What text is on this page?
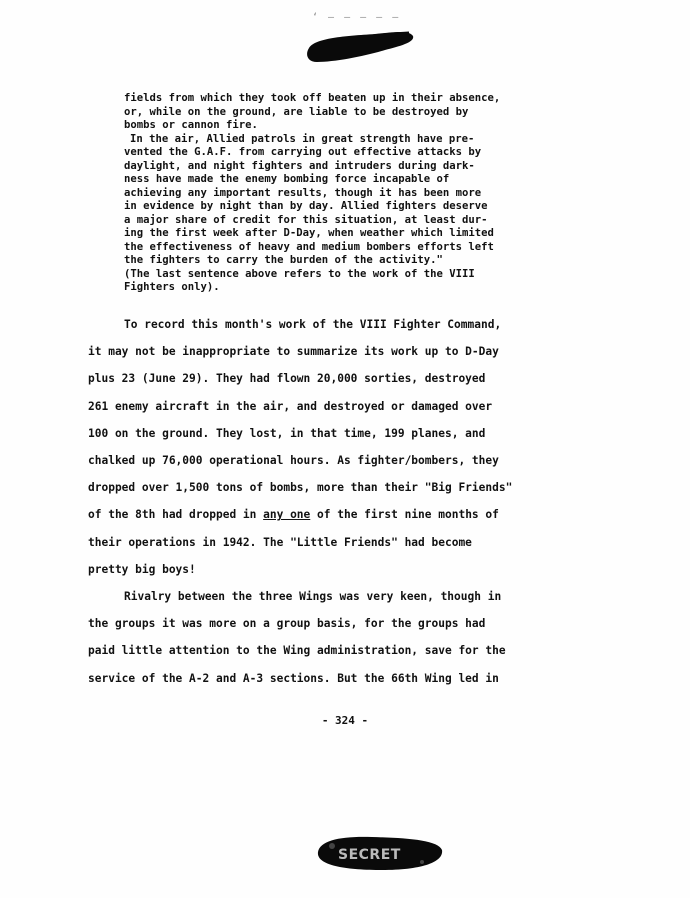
‘ — — — — —
fields from which they took off beaten up in their absence,
or, while on the ground, are liable to be destroyed by
bombs or cannon fire.
In the air, Allied patrols in great strength have pre-
vented the G.A.F. from carrying out effective attacks by
daylight, and night fighters and intruders during dark-
ness have made the enemy bombing force incapable of
achieving any important results, though it has been more
in evidence by night than by day. Allied fighters deserve
a major share of credit for this situation, at least dur-
ing the first week after D-Day, when weather which limited
the effectiveness of heavy and medium bombers efforts left
the fighters to carry the burden of the activity."
(The last sentence above refers to the work of the VIII
Fighters only).
To record this month's work of the VIII Fighter Command,
it may not be inappropriate to summarize its work up to D-Day
plus 23 (June 29). They had flown 20,000 sorties, destroyed
261 enemy aircraft in the air, and destroyed or damaged over
100 on the ground. They lost, in that time, 199 planes, and
chalked up 76,000 operational hours. As fighter/bombers, they
dropped over 1,500 tons of bombs, more than their "Big Friends"
of the 8th had dropped in any one of the first nine months of
their operations in 1942. The "Little Friends" had become
pretty big boys!
Rivalry between the three Wings was very keen, though in
the groups it was more on a group basis, for the groups had
paid little attention to the Wing administration, save for the
service of the A-2 and A-3 sections. But the 66th Wing led in
- 324 -
SECRET
